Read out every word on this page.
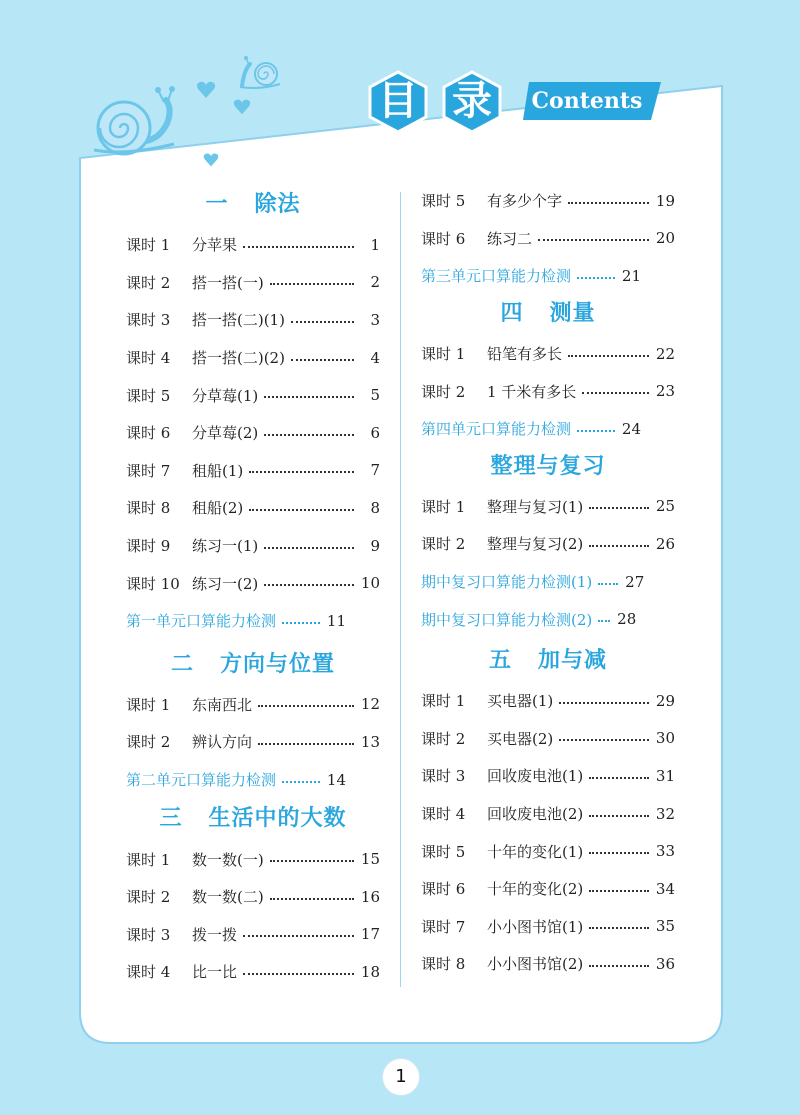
目 录	Contents
一   除法
课时 1	分苹果	1
课时 2	搭一搭(一)	2
课时 3	搭一搭(二)(1)	3
课时 4	搭一搭(二)(2)	4
课时 5	分草莓(1)	5
课时 6	分草莓(2)	6
课时 7	租船(1)	7
课时 8	租船(2)	8
课时 9	练习一(1)	9
课时 10 练习一(2)	10
第一单元口算能力检测	11
二   方向与位置
课时 1	东南西北	12
课时 2	辨认方向	13
第二单元口算能力检测	14
三   生活中的大数
课时 1	数一数(一)	15
课时 2	数一数(二)	16
课时 3	拨一拨	17
课时 4	比一比	18
课时 5	有多少个字	19
课时 6	练习二	20
第三单元口算能力检测	21
四   测量
课时 1	铅笔有多长	22
课时 2	1 千米有多长	23
第四单元口算能力检测	24
整理与复习
课时 1	整理与复习(1)	25
课时 2	整理与复习(2)	26
期中复习口算能力检测(1) 27
期中复习口算能力检测(2) 28
五   加与减
课时 1	买电器(1)	29
课时 2	买电器(2)	30
课时 3	回收废电池(1)	31
课时 4	回收废电池(2)	32
课时 5	十年的变化(1)	33
课时 6	十年的变化(2)	34
课时 7	小小图书馆(1)	35
课时 8	小小图书馆(2)	36
1
